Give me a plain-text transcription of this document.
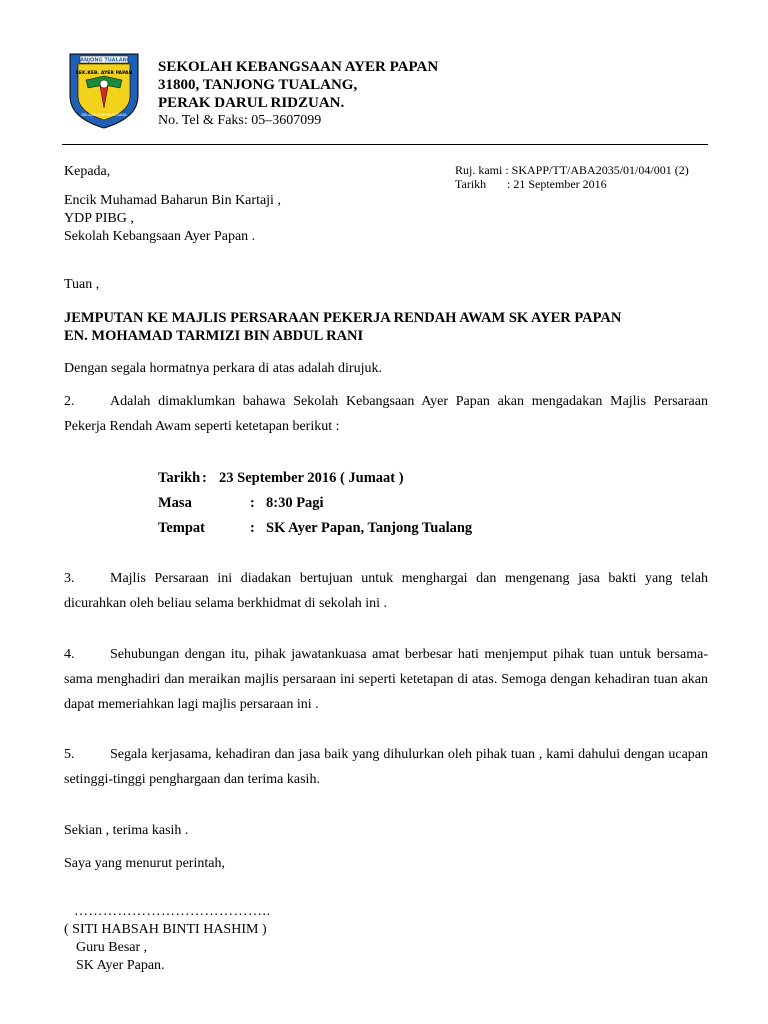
TANJONG TUALANG
SEK.KEB. AYER PAPAN
BELAJAR DAN BERUSAHA
SEKOLAH KEBANGSAAN AYER PAPAN
31800, TANJONG TUALANG,
PERAK DARUL RIDZUAN.
No. Tel & Faks: 05–3607099
Kepada,
Encik Muhamad Baharun Bin Kartaji ,
YDP PIBG ,
Sekolah Kebangsaan Ayer Papan .
Ruj. kami : SKAPP/TT/ABA2035/01/04/001 (2)
Tarikh : 21 September 2016
Tuan ,
JEMPUTAN KE MAJLIS PERSARAAN PEKERJA RENDAH AWAM SK AYER PAPAN
EN. MOHAMAD TARMIZI BIN ABDUL RANI
Dengan segala hormatnya perkara di atas adalah dirujuk.
2.	Adalah dimaklumkan bahawa Sekolah Kebangsaan Ayer Papan akan mengadakan Majlis Persaraan Pekerja Rendah Awam seperti ketetapan berikut :
Tarikh : 23 September 2016 ( Jumaat )
Masa	: 8:30 Pagi
Tempat	: SK Ayer Papan, Tanjong Tualang
3.	Majlis Persaraan ini diadakan bertujuan untuk menghargai dan mengenang jasa bakti yang telah dicurahkan oleh beliau selama berkhidmat di sekolah ini .
4.	Sehubungan dengan itu, pihak jawatankuasa amat berbesar hati menjemput pihak tuan untuk bersama-sama menghadiri dan meraikan majlis persaraan ini seperti ketetapan di atas. Semoga dengan kehadiran tuan akan dapat memeriahkan lagi majlis persaraan ini .
5.	Segala kerjasama, kehadiran dan jasa baik yang dihulurkan oleh pihak tuan , kami dahului dengan ucapan setinggi-tinggi penghargaan dan terima kasih.
Sekian , terima kasih .
Saya yang menurut perintah,
…………………………………..
( SITI HABSAH BINTI HASHIM )
Guru Besar ,
SK Ayer Papan.
